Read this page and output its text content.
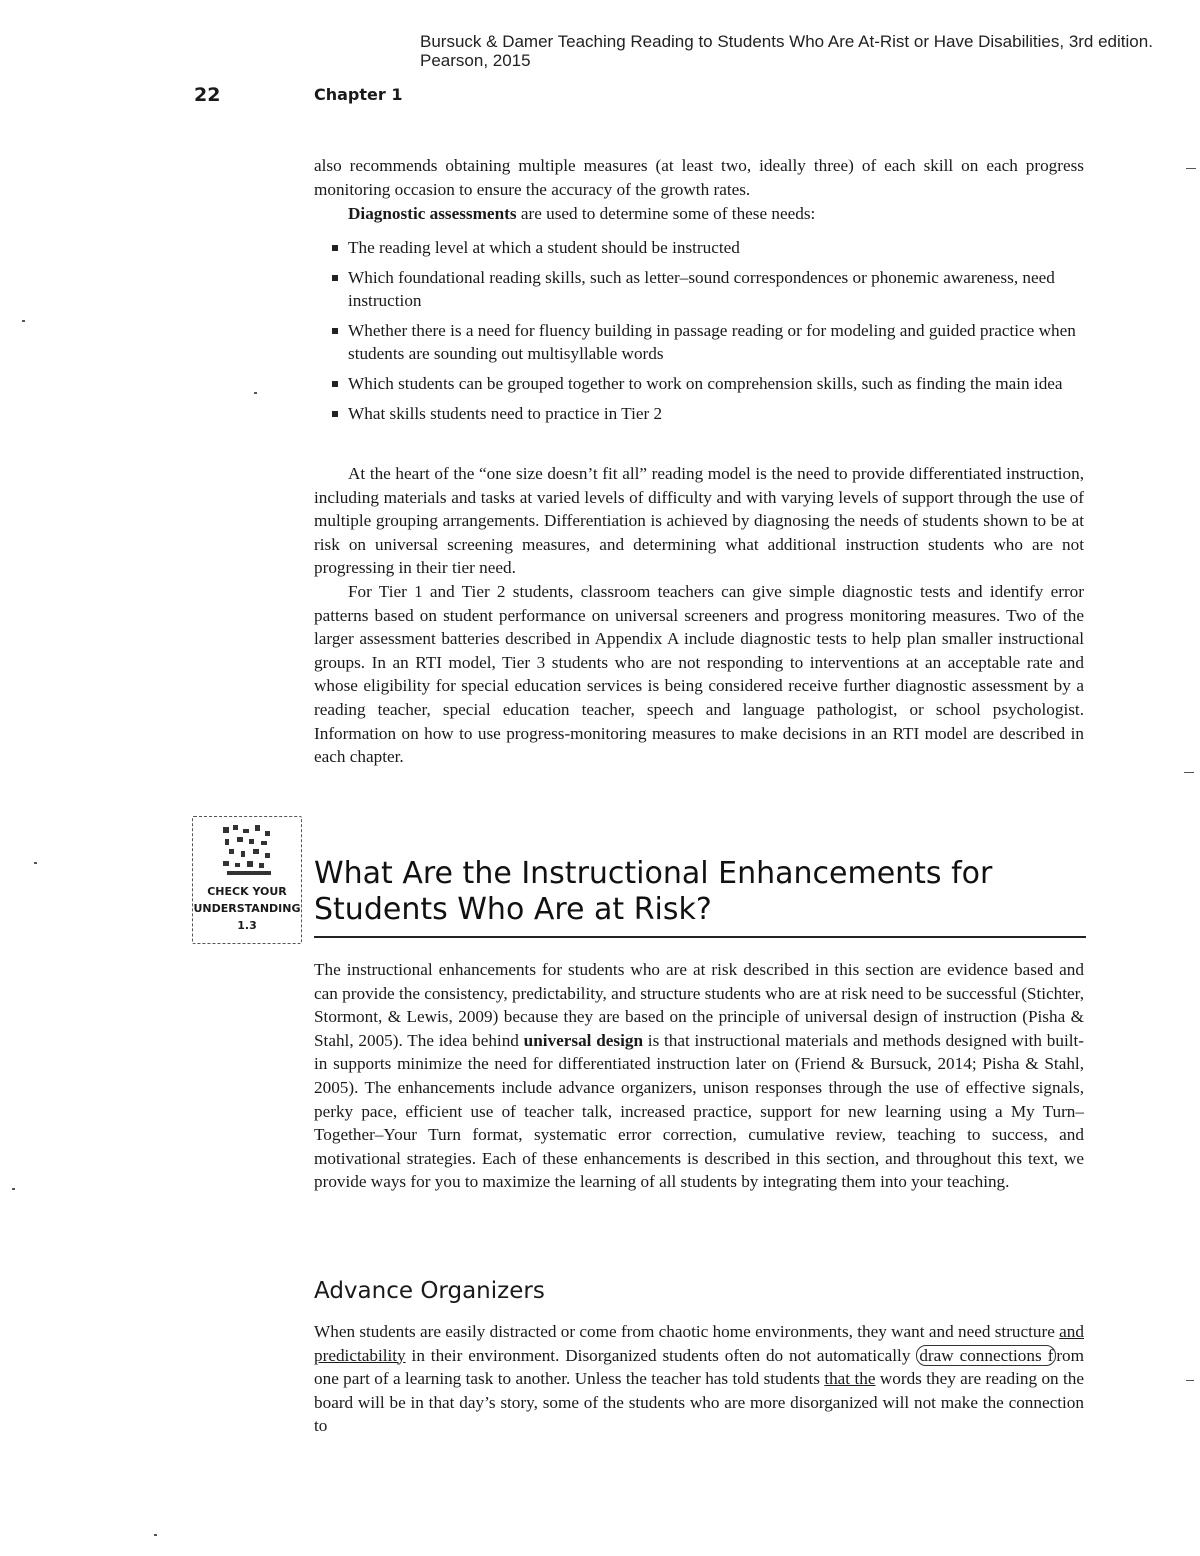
Bursuck & Damer Teaching Reading to Students Who Are At-Rist or Have Disabilities, 3rd edition. Pearson, 2015
22	Chapter 1

also recommends obtaining multiple measures (at least two, ideally three) of each skill on each progress monitoring occasion to ensure the accuracy of the growth rates.

Diagnostic assessments are used to determine some of these needs:

The reading level at which a student should be instructed
Which foundational reading skills, such as letter–sound correspondences or phonemic awareness, need instruction
Whether there is a need for fluency building in passage reading or for modeling and guided practice when students are sounding out multisyllable words
Which students can be grouped together to work on comprehension skills, such as finding the main idea
What skills students need to practice in Tier 2

At the heart of the “one size doesn’t fit all” reading model is the need to provide differentiated instruction, including materials and tasks at varied levels of difficulty and with varying levels of support through the use of multiple grouping arrangements. Differentiation is achieved by diagnosing the needs of students shown to be at risk on universal screening measures, and determining what additional instruction students who are not progressing in their tier need.

For Tier 1 and Tier 2 students, classroom teachers can give simple diagnostic tests and identify error patterns based on student performance on universal screeners and progress monitoring measures. Two of the larger assessment batteries described in Appendix A include diagnostic tests to help plan smaller instructional groups. In an RTI model, Tier 3 students who are not responding to interventions at an acceptable rate and whose eligibility for special education services is being considered receive further diagnostic assessment by a reading teacher, special education teacher, speech and language pathologist, or school psychologist. Information on how to use progress-monitoring measures to make decisions in an RTI model are described in each chapter.

CHECK YOUR
UNDERSTANDING
1.3
What Are the Instructional Enhancements for Students Who Are at Risk?

The instructional enhancements for students who are at risk described in this section are evidence based and can provide the consistency, predictability, and structure students who are at risk need to be successful (Stichter, Stormont, & Lewis, 2009) because they are based on the principle of universal design of instruction (Pisha & Stahl, 2005). The idea behind universal design is that instructional materials and methods designed with built-in supports minimize the need for differentiated instruction later on (Friend & Bursuck, 2014; Pisha & Stahl, 2005). The enhancements include advance organizers, unison responses through the use of effective signals, perky pace, efficient use of teacher talk, increased practice, support for new learning using a My Turn–Together–Your Turn format, systematic error correction, cumulative review, teaching to success, and motivational strategies. Each of these enhancements is described in this section, and throughout this text, we provide ways for you to maximize the learning of all students by integrating them into your teaching.

Advance Organizers

When students are easily distracted or come from chaotic home environments, they want and need structure and predictability in their environment. Disorganized students often do not automatically draw connections f rom one part of a learning task to another. Unless the teacher has told students that the words they are reading on the board will be in that day’s story, some of the students who are more disorganized will not make the connection to
